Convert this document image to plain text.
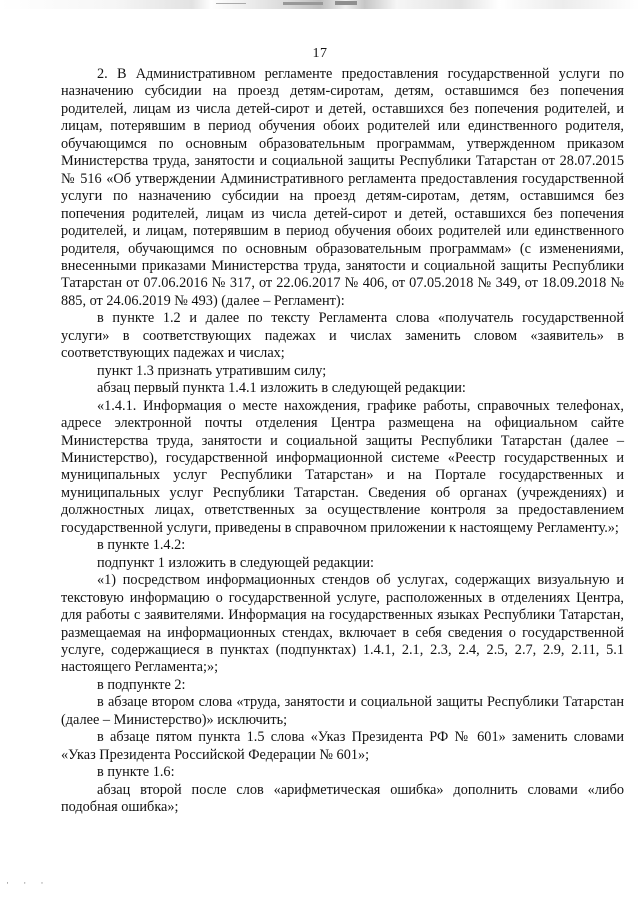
17

2. В Административном регламенте предоставления государственной услуги по назначению субсидии на проезд детям-сиротам, детям, оставшимся без попечения родителей, лицам из числа детей-сирот и детей, оставшихся без попечения родителей, и лицам, потерявшим в период обучения обоих родителей или единственного родителя, обучающимся по основным образовательным программам, утвержденном приказом Министерства труда, занятости и социальной защиты Республики Татарстан от 28.07.2015 № 516 «Об утверждении Административного регламента предоставления государственной услуги по назначению субсидии на проезд детям-сиротам, детям, оставшимся без попечения родителей, лицам из числа детей-сирот и детей, оставшихся без попечения родителей, и лицам, потерявшим в период обучения обоих родителей или единственного родителя, обучающимся по основным образовательным программам» (с изменениями, внесенными приказами Министерства труда, занятости и социальной защиты Республики Татарстан от 07.06.2016 № 317, от 22.06.2017 № 406, от 07.05.2018 № 349, от 18.09.2018 № 885, от 24.06.2019 № 493) (далее – Регламент):

в пункте 1.2 и далее по тексту Регламента слова «получатель государственной услуги» в соответствующих падежах и числах заменить словом «заявитель» в соответствующих падежах и числах;

пункт 1.3 признать утратившим силу;

абзац первый пункта 1.4.1 изложить в следующей редакции:

«1.4.1. Информация о месте нахождения, графике работы, справочных телефонах, адресе электронной почты отделения Центра размещена на официальном сайте Министерства труда, занятости и социальной защиты Республики Татарстан (далее – Министерство), государственной информационной системе «Реестр государственных и муниципальных услуг Республики Татарстан» и на Портале государственных и муниципальных услуг Республики Татарстан. Сведения об органах (учреждениях) и должностных лицах, ответственных за осуществление контроля за предоставлением государственной услуги, приведены в справочном приложении к настоящему Регламенту.»;

в пункте 1.4.2:

подпункт 1 изложить в следующей редакции:

«1) посредством информационных стендов об услугах, содержащих визуальную и текстовую информацию о государственной услуге, расположенных в отделениях Центра, для работы с заявителями. Информация на государственных языках Республики Татарстан, размещаемая на информационных стендах, включает в себя сведения о государственной услуге, содержащиеся в пунктах (подпунктах) 1.4.1, 2.1, 2.3, 2.4, 2.5, 2.7, 2.9, 2.11, 5.1 настоящего Регламента;»;

в подпункте 2:

в абзаце втором слова «труда, занятости и социальной защиты Республики Татарстан (далее – Министерство)» исключить;

в абзаце пятом пункта 1.5 слова «Указ Президента РФ № 601» заменить словами «Указ Президента Российской Федерации № 601»;

в пункте 1.6:

абзац второй после слов «арифметическая ошибка» дополнить словами «либо подобная ошибка»;

· · ·
